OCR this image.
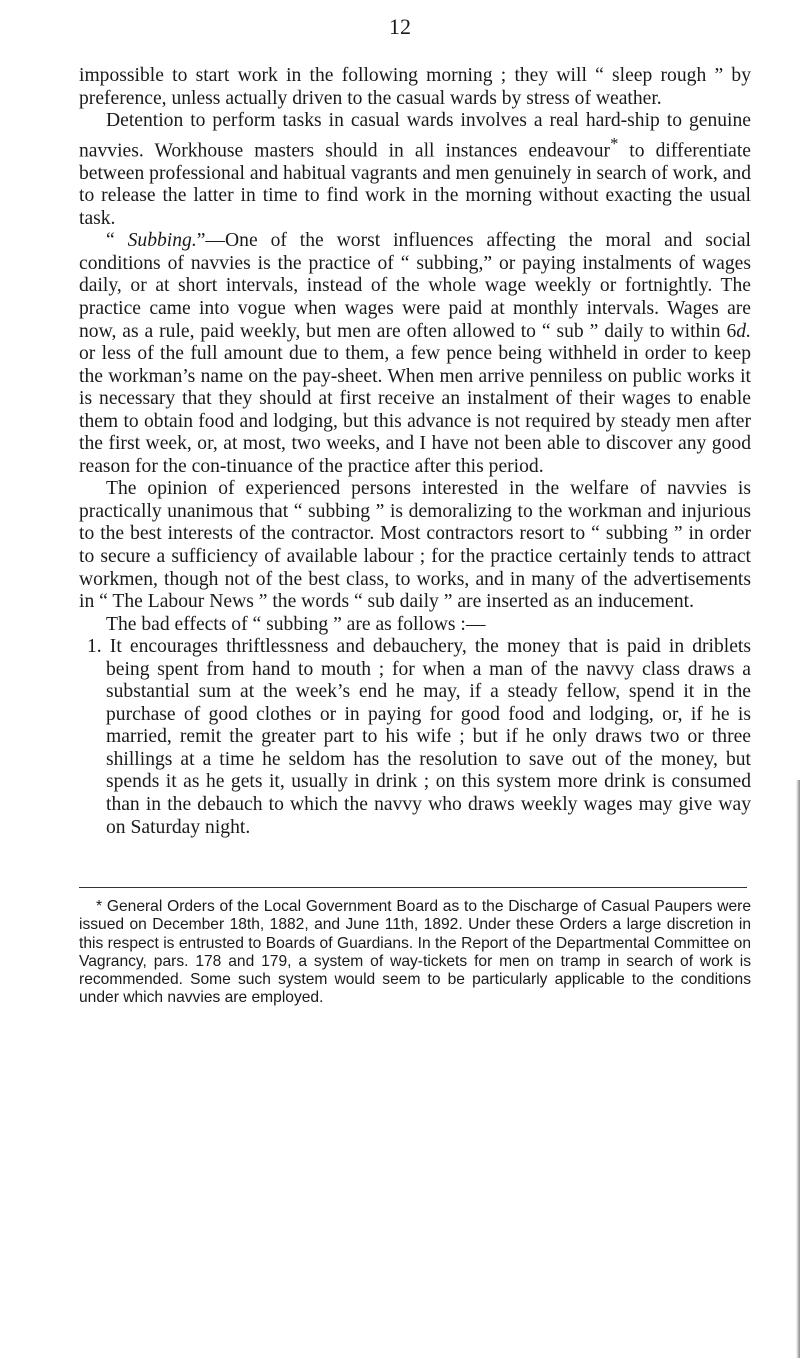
12

impossible to start work in the following morning ; they will “ sleep rough ” by preference, unless actually driven to the casual wards by stress of weather.

Detention to perform tasks in casual wards involves a real hard-ship to genuine navvies. Workhouse masters should in all instances endeavour* to differentiate between professional and habitual vagrants and men genuinely in search of work, and to release the latter in time to find work in the morning without exacting the usual task.

“ Subbing.”—One of the worst influences affecting the moral and social conditions of navvies is the practice of “ subbing,” or paying instalments of wages daily, or at short intervals, instead of the whole wage weekly or fortnightly. The practice came into vogue when wages were paid at monthly intervals. Wages are now, as a rule, paid weekly, but men are often allowed to “ sub ” daily to within 6d. or less of the full amount due to them, a few pence being withheld in order to keep the workman’s name on the pay-sheet. When men arrive penniless on public works it is necessary that they should at first receive an instalment of their wages to enable them to obtain food and lodging, but this advance is not required by steady men after the first week, or, at most, two weeks, and I have not been able to discover any good reason for the con-tinuance of the practice after this period.

The opinion of experienced persons interested in the welfare of navvies is practically unanimous that “ subbing ” is demoralizing to the workman and injurious to the best interests of the contractor. Most contractors resort to “ subbing ” in order to secure a sufficiency of available labour ; for the practice certainly tends to attract workmen, though not of the best class, to works, and in many of the advertisements in “ The Labour News ” the words “ sub daily ” are inserted as an inducement.

The bad effects of “ subbing ” are as follows :—

1. It encourages thriftlessness and debauchery, the money that is paid in driblets being spent from hand to mouth ; for when a man of the navvy class draws a substantial sum at the week’s end he may, if a steady fellow, spend it in the purchase of good clothes or in paying for good food and lodging, or, if he is married, remit the greater part to his wife ; but if he only draws two or three shillings at a time he seldom has the resolution to save out of the money, but spends it as he gets it, usually in drink ; on this system more drink is consumed than in the debauch to which the navvy who draws weekly wages may give way on Saturday night.

* General Orders of the Local Government Board as to the Discharge of Casual Paupers were issued on December 18th, 1882, and June 11th, 1892. Under these Orders a large discretion in this respect is entrusted to Boards of Guardians. In the Report of the Departmental Committee on Vagrancy, pars. 178 and 179, a system of way-tickets for men on tramp in search of work is recommended. Some such system would seem to be particularly applicable to the conditions under which navvies are employed.
